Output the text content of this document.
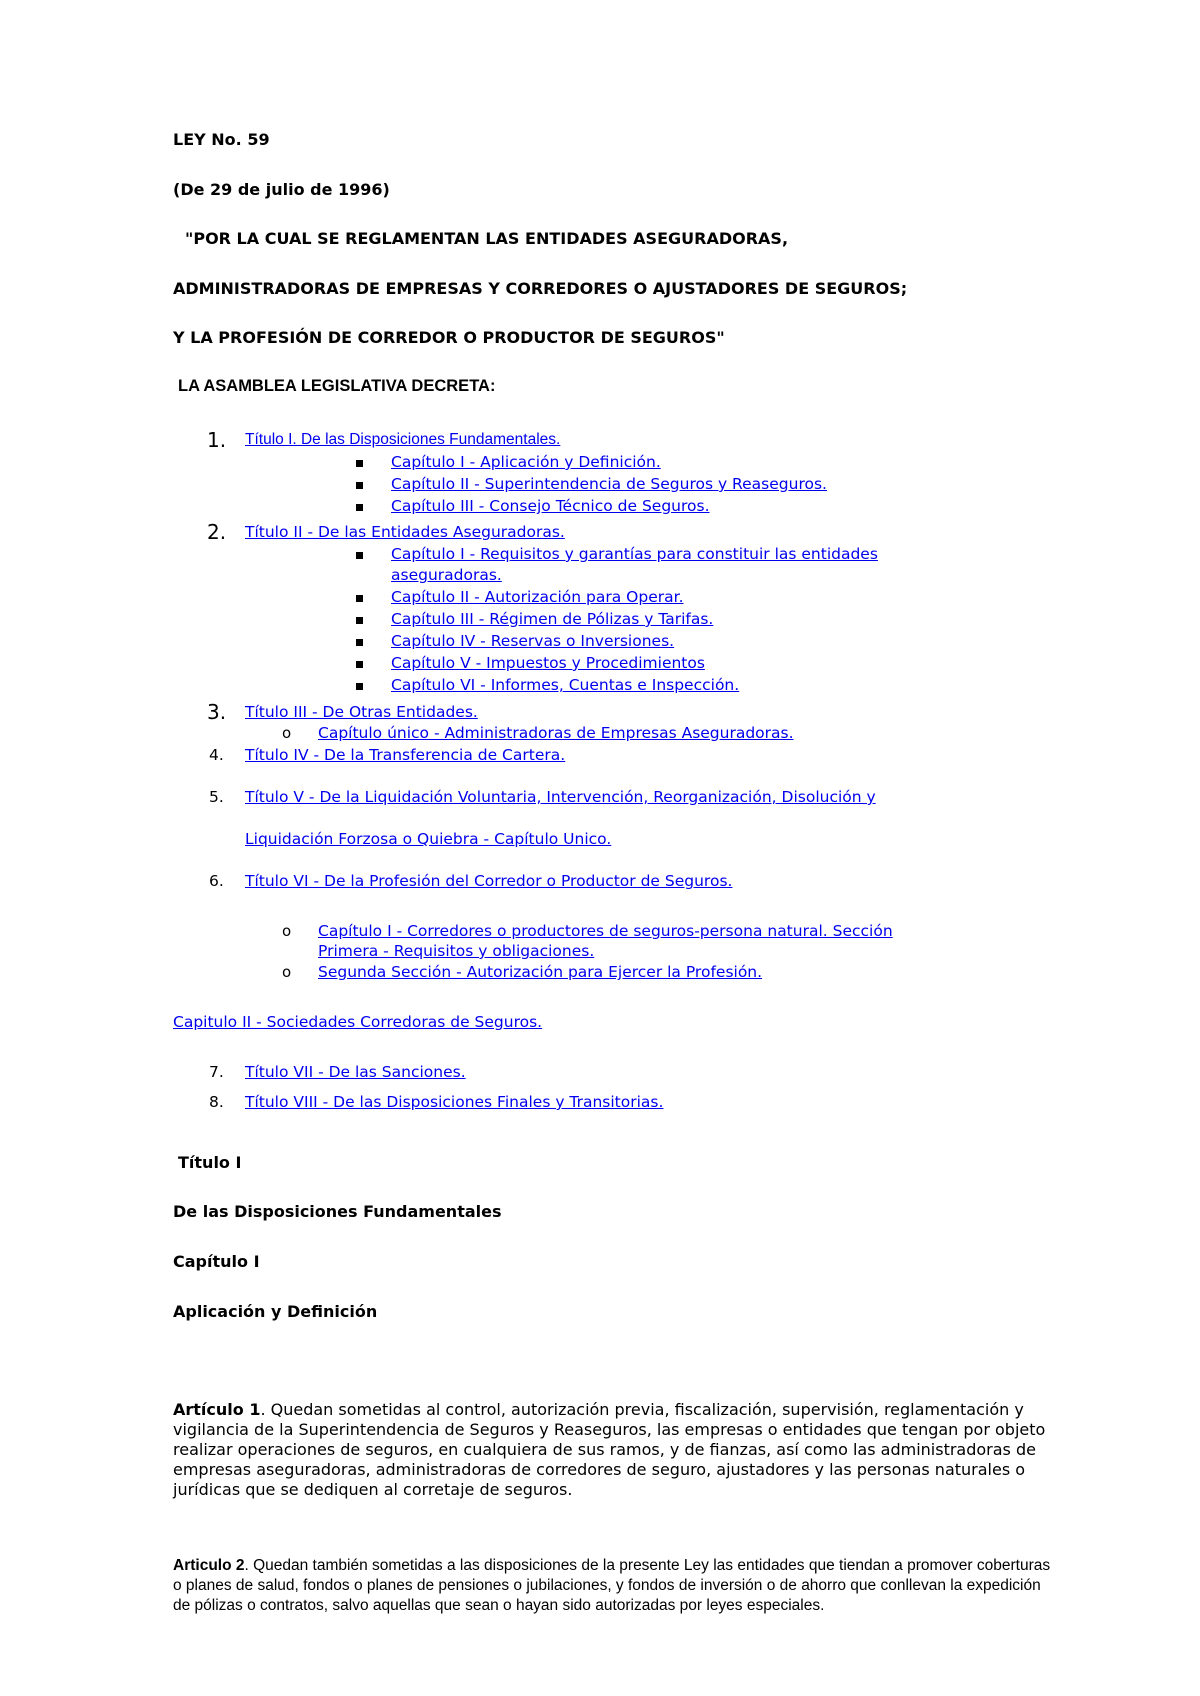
LEY No. 59
(De 29 de julio de 1996)
"POR LA CUAL SE REGLAMENTAN LAS ENTIDADES ASEGURADORAS,
ADMINISTRADORAS DE EMPRESAS Y CORREDORES O AJUSTADORES DE SEGUROS;
Y LA PROFESIÓN DE CORREDOR O PRODUCTOR DE SEGUROS"
LA ASAMBLEA LEGISLATIVA DECRETA:
1. Título I. De las Disposiciones Fundamentales.
Capítulo I - Aplicación y Definición.
Capítulo II - Superintendencia de Seguros y Reaseguros.
Capítulo III - Consejo Técnico de Seguros.
2. Título II - De las Entidades Aseguradoras.
Capítulo I - Requisitos y garantías para constituir las entidades
aseguradoras.
Capítulo II - Autorización para Operar.
Capítulo III - Régimen de Pólizas y Tarifas.
Capítulo IV - Reservas o Inversiones.
Capítulo V - Impuestos y Procedimientos
Capítulo VI - Informes, Cuentas e Inspección.
3. Título III - De Otras Entidades.
o Capítulo único - Administradoras de Empresas Aseguradoras.
4. Título IV - De la Transferencia de Cartera.
5. Título V - De la Liquidación Voluntaria, Intervención, Reorganización, Disolución y
Liquidación Forzosa o Quiebra - Capítulo Unico.
6. Título VI - De la Profesión del Corredor o Productor de Seguros.
o Capítulo I - Corredores o productores de seguros-persona natural. Sección
Primera - Requisitos y obligaciones.
o Segunda Sección - Autorización para Ejercer la Profesión.
Capitulo II - Sociedades Corredoras de Seguros.
7. Título VII - De las Sanciones.
8. Título VIII - De las Disposiciones Finales y Transitorias.
Título I
De las Disposiciones Fundamentales
Capítulo I
Aplicación y Definición
Artículo 1. Quedan sometidas al control, autorización previa, fiscalización, supervisión, reglamentación y vigilancia de la Superintendencia de Seguros y Reaseguros, las empresas o entidades que tengan por objeto realizar operaciones de seguros, en cualquiera de sus ramos, y de fianzas, así como las administradoras de empresas aseguradoras, administradoras de corredores de seguro, ajustadores y las personas naturales o jurídicas que se dediquen al corretaje de seguros.
Articulo 2. Quedan también sometidas a las disposiciones de la presente Ley las entidades que tiendan a promover coberturas o planes de salud, fondos o planes de pensiones o jubilaciones, y fondos de inversión o de ahorro que conllevan la expedición de pólizas o contratos, salvo aquellas que sean o hayan sido autorizadas por leyes especiales.
